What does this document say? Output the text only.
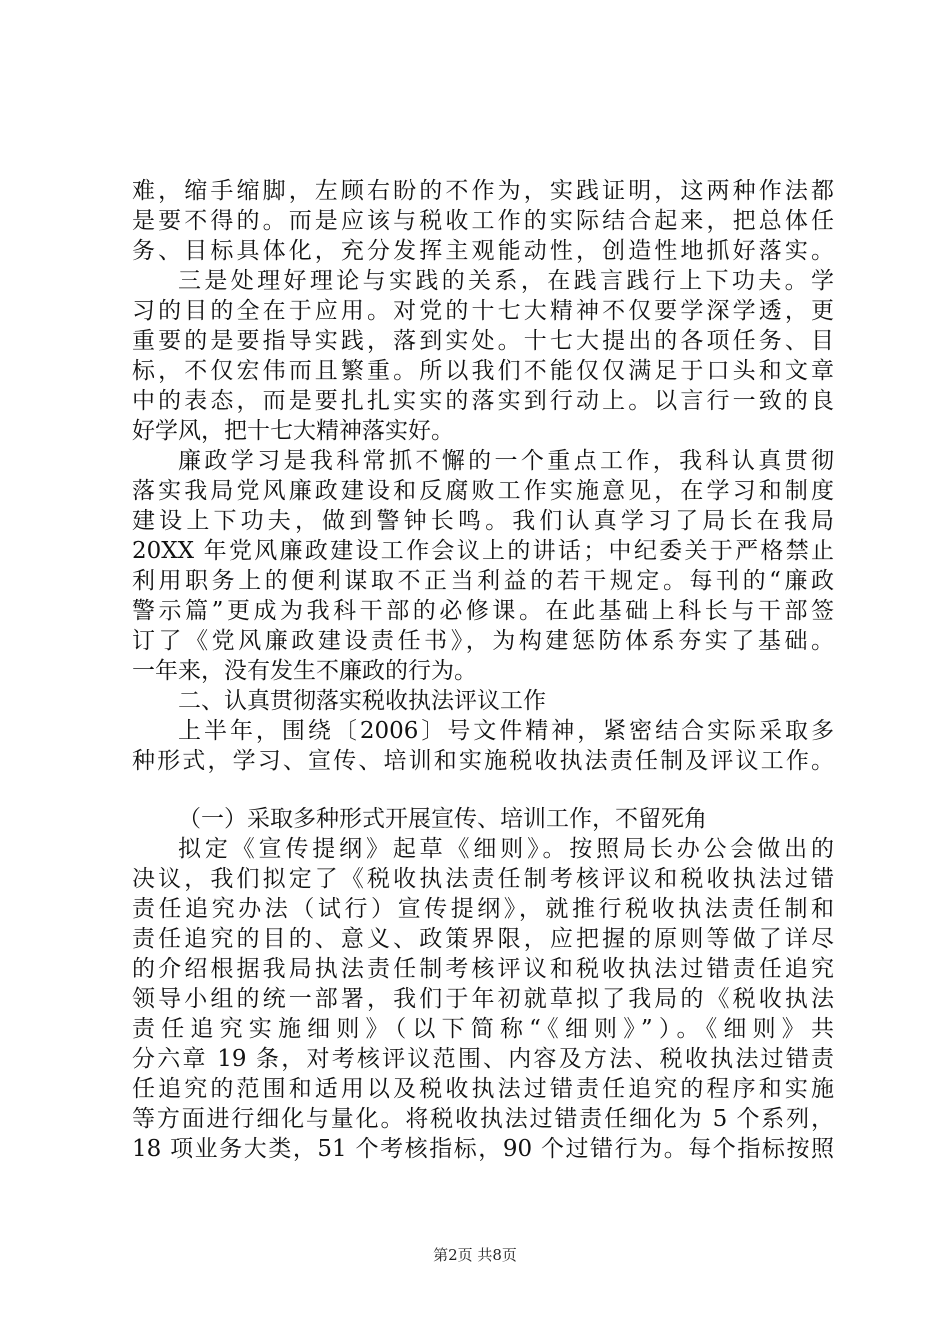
难，缩手缩脚，左顾右盼的不作为，实践证明，这两种作法都
是要不得的。而是应该与税收工作的实际结合起来，把总体任
务、目标具体化，充分发挥主观能动性，创造性地抓好落实。
三是处理好理论与实践的关系，在践言践行上下功夫。学
习的目的全在于应用。对党的十七大精神不仅要学深学透，更
重要的是要指导实践，落到实处。十七大提出的各项任务、目
标，不仅宏伟而且繁重。所以我们不能仅仅满足于口头和文章
中的表态，而是要扎扎实实的落实到行动上。以言行一致的良
好学风，把十七大精神落实好。
廉政学习是我科常抓不懈的一个重点工作，我科认真贯彻
落实我局党风廉政建设和反腐败工作实施意见，在学习和制度
建设上下功夫，做到警钟长鸣。我们认真学习了局长在我局
20XX 年党风廉政建设工作会议上的讲话；中纪委关于严格禁止
利用职务上的便利谋取不正当利益的若干规定。每刊的“廉政
警示篇”更成为我科干部的必修课。在此基础上科长与干部签
订了《党风廉政建设责任书》，为构建惩防体系夯实了基础。
一年来，没有发生不廉政的行为。
二、认真贯彻落实税收执法评议工作
上半年，围绕〔2006〕号文件精神，紧密结合实际采取多
种形式，学习、宣传、培训和实施税收执法责任制及评议工作。
（一）采取多种形式开展宣传、培训工作，不留死角
拟定《宣传提纲》起草《细则》。按照局长办公会做出的
决议，我们拟定了《税收执法责任制考核评议和税收执法过错
责任追究办法（试行）宣传提纲》，就推行税收执法责任制和
责任追究的目的、意义、政策界限，应把握的原则等做了详尽
的介绍根据我局执法责任制考核评议和税收执法过错责任追究
领导小组的统一部署，我们于年初就草拟了我局的《税收执法
责任追究实施细则》（以下简称“《细则》”）。《细则》共
分六章 19 条，对考核评议范围、内容及方法、税收执法过错责
任追究的范围和适用以及税收执法过错责任追究的程序和实施
等方面进行细化与量化。将税收执法过错责任细化为 5 个系列，
18 项业务大类，51 个考核指标，90 个过错行为。每个指标按照
第2页 共8页
